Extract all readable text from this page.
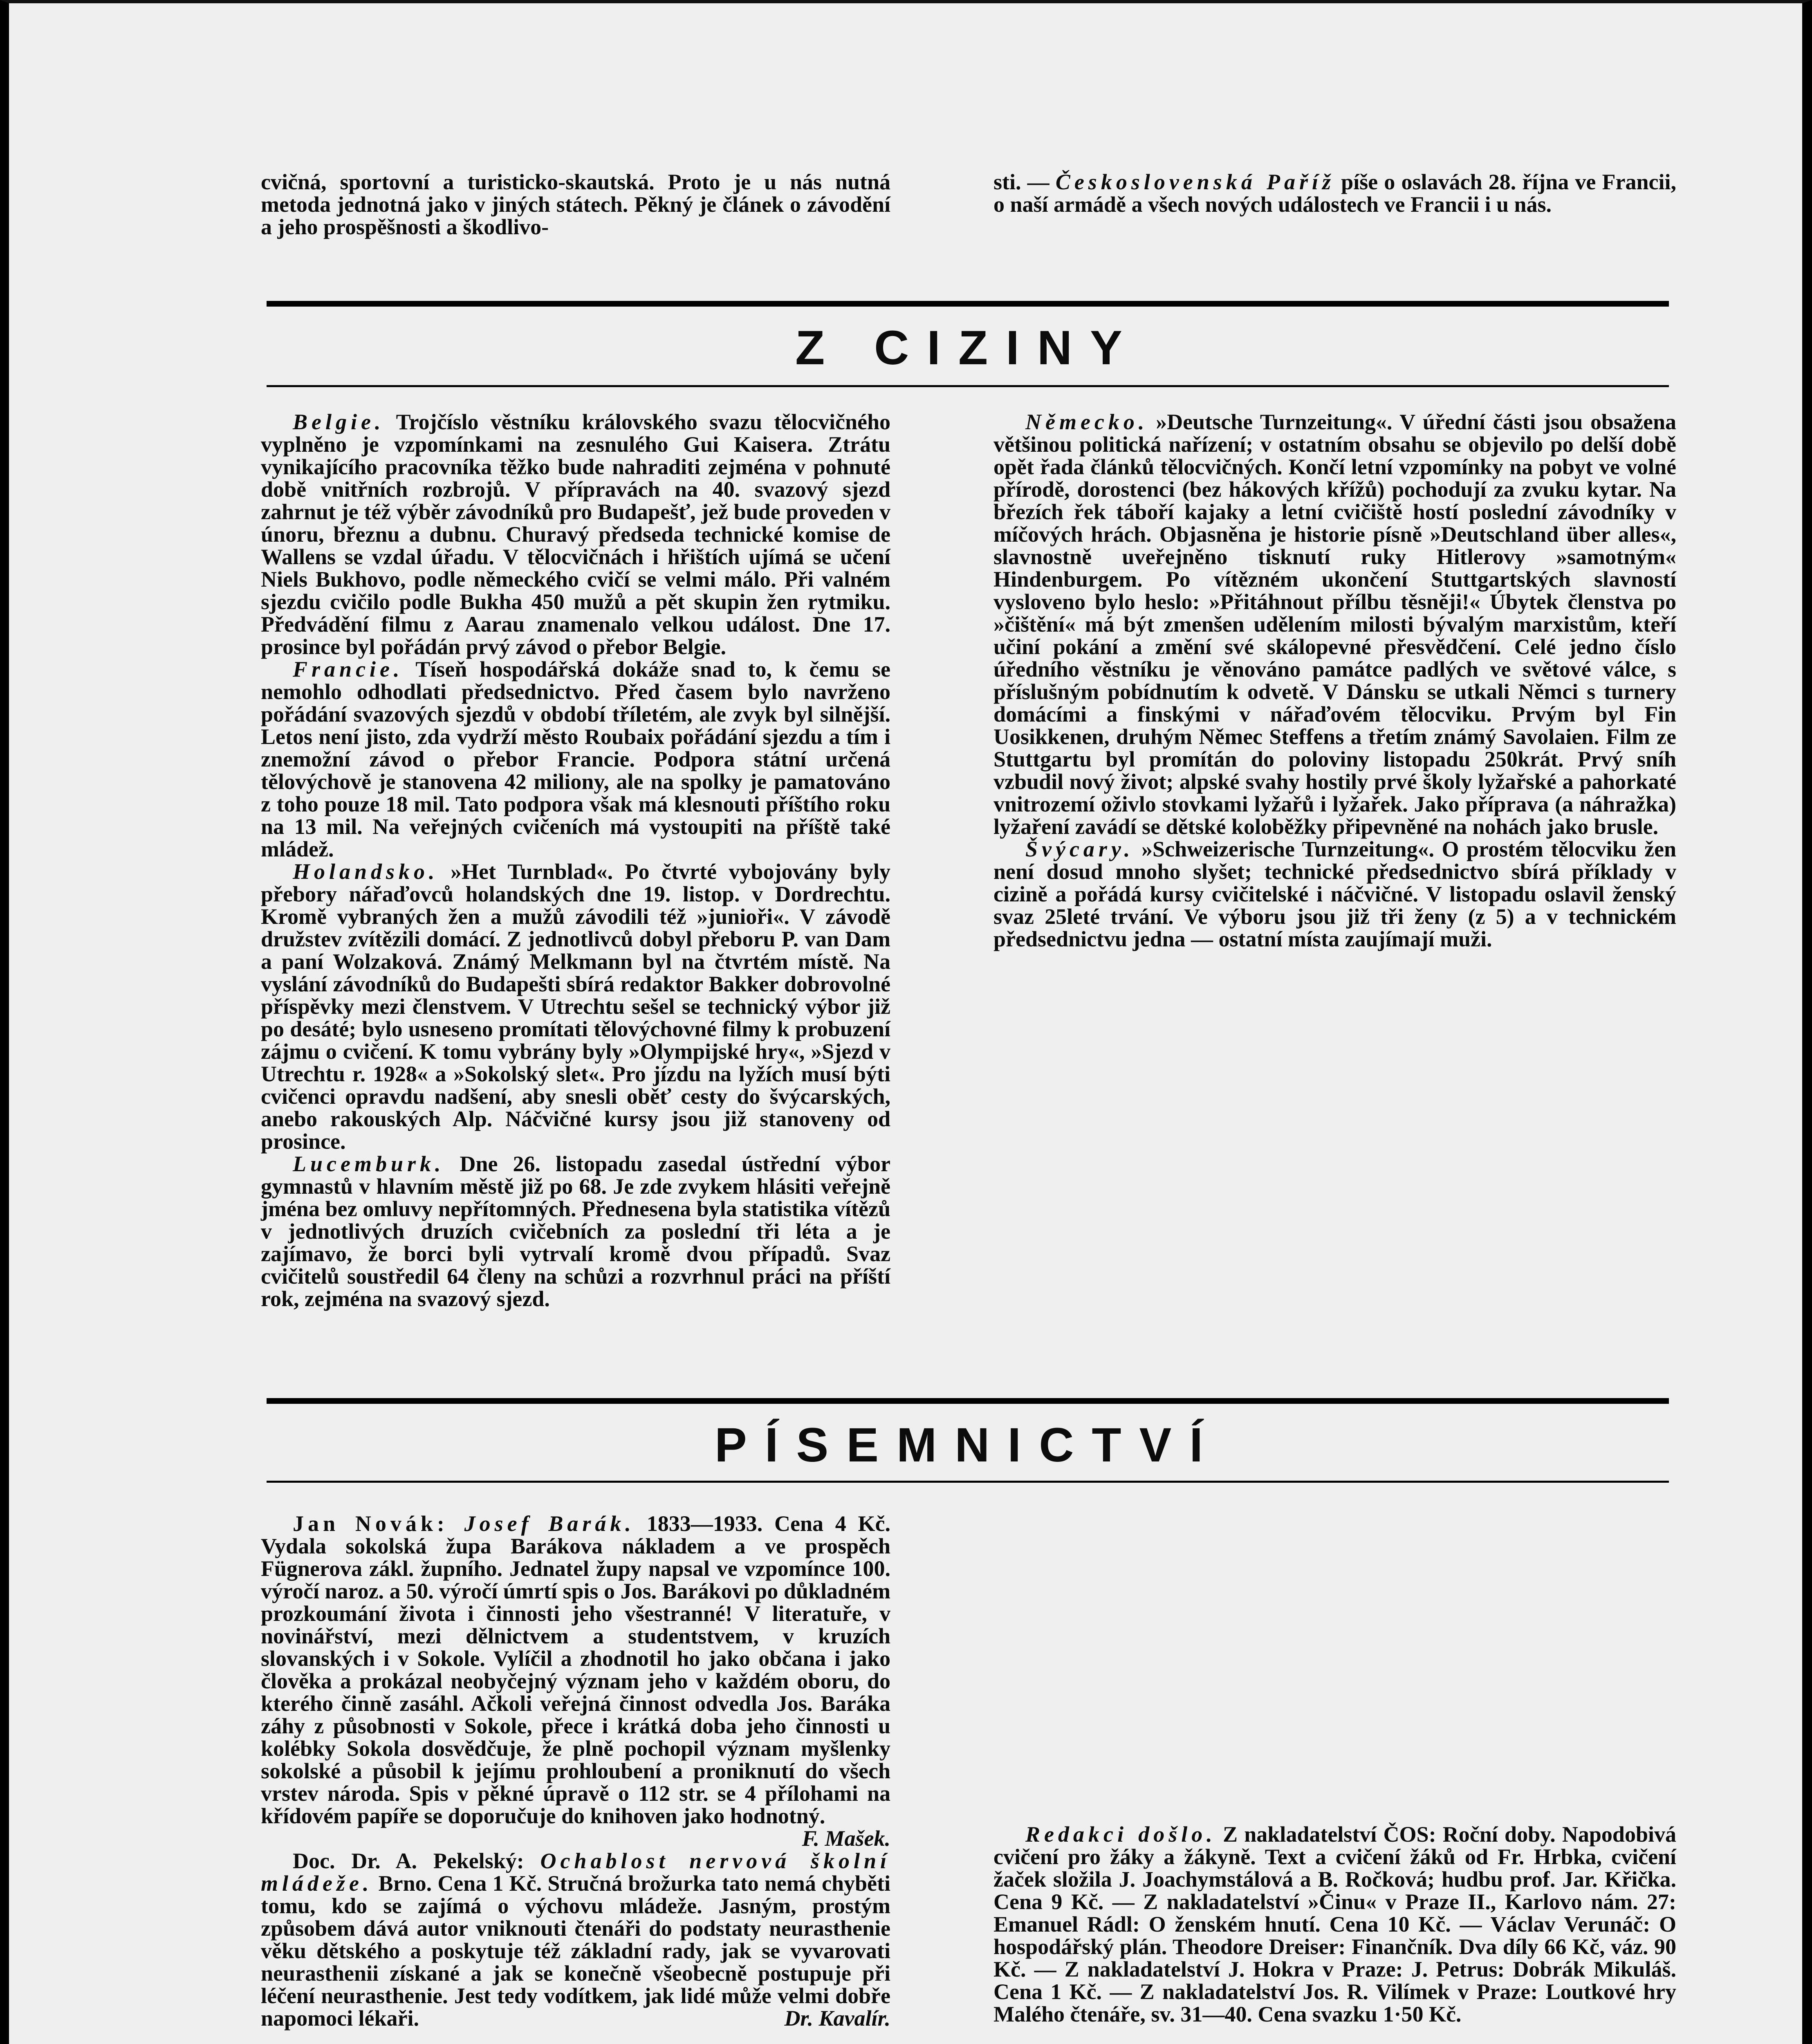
cvičná, sportovní a turisticko-skautská. Proto je u nás nutná metoda jednotná jako v jiných státech. Pěkný je článek o závodění a jeho prospěšnosti a škodlivo-

sti. — Československá Paříž píše o oslavách 28. října ve Francii, o naší armádě a všech nových událostech ve Francii i u nás.

Z CIZINY

Belgie. Trojčíslo věstníku královského svazu tělocvičného vyplněno je vzpomínkami na zesnulého Gui Kaisera. Ztrátu vynikajícího pracovníka těžko bude nahraditi zejména v pohnuté době vnitřních rozbrojů. V přípravách na 40. svazový sjezd zahrnut je též výběr závodníků pro Budapešť, jež bude proveden v únoru, březnu a dubnu. Churavý předseda technické komise de Wallens se vzdal úřadu. V tělocvičnách i hřištích ujímá se učení Niels Bukhovo, podle německého cvičí se velmi málo. Při valném sjezdu cvičilo podle Bukha 450 mužů a pět skupin žen rytmiku. Předvádění filmu z Aarau znamenalo velkou událost. Dne 17. prosince byl pořádán prvý závod o přebor Belgie.

Francie. Tíseň hospodářská dokáže snad to, k čemu se nemohlo odhodlati předsednictvo. Před časem bylo navrženo pořádání svazových sjezdů v období tříletém, ale zvyk byl silnější. Letos není jisto, zda vydrží město Roubaix pořádání sjezdu a tím i znemožní závod o přebor Francie. Podpora státní určená tělovýchově je stanovena 42 miliony, ale na spolky je pamatováno z toho pouze 18 mil. Tato podpora však má klesnouti příštího roku na 13 mil. Na veřejných cvičeních má vystoupiti na příště také mládež.

Holandsko. »Het Turnblad«. Po čtvrté vybojovány byly přebory nářaďovců holandských dne 19. listop. v Dordrechtu. Kromě vybraných žen a mužů závodili též »junioři«. V závodě družstev zvítězili domácí. Z jednotlivců dobyl přeboru P. van Dam a paní Wolzaková. Známý Melkmann byl na čtvrtém místě. Na vyslání závodníků do Budapešti sbírá redaktor Bakker dobrovolné příspěvky mezi členstvem. V Utrechtu sešel se technický výbor již po desáté; bylo usneseno promítati tělovýchovné filmy k probuzení zájmu o cvičení. K tomu vybrány byly »Olympijské hry«, »Sjezd v Utrechtu r. 1928« a »Sokolský slet«. Pro jízdu na lyžích musí býti cvičenci opravdu nadšení, aby snesli oběť cesty do švýcarských, anebo rakouských Alp. Náčvičné kursy jsou již stanoveny od prosince.

Lucemburk. Dne 26. listopadu zasedal ústřední výbor gymnastů v hlavním městě již po 68. Je zde zvykem hlásiti veřejně jména bez omluvy nepřítomných. Přednesena byla statistika vítězů v jednotlivých druzích cvičebních za poslední tři léta a je zajímavo, že borci byli vytrvalí kromě dvou případů. Svaz cvičitelů soustředil 64 členy na schůzi a rozvrhnul práci na příští rok, zejména na svazový sjezd.

Německo. »Deutsche Turnzeitung«. V úřední části jsou obsažena většinou politická nařízení; v ostatním obsahu se objevilo po delší době opět řada článků tělocvičných. Končí letní vzpomínky na pobyt ve volné přírodě, dorostenci (bez hákových křížů) pochodují za zvuku kytar. Na březích řek táboří kajaky a letní cvičiště hostí poslední závodníky v míčových hrách. Objasněna je historie písně »Deutschland über alles«, slavnostně uveřejněno tisknutí ruky Hitlerovy »samotným« Hindenburgem. Po vítězném ukončení Stuttgartských slavností vysloveno bylo heslo: »Přitáhnout přílbu těsněji!« Úbytek členstva po »čištění« má být zmenšen udělením milosti bývalým marxistům, kteří učiní pokání a změní své skálopevné přesvědčení. Celé jedno číslo úředního věstníku je věnováno památce padlých ve světové válce, s příslušným pobídnutím k odvetě. V Dánsku se utkali Němci s turnery domácími a finskými v nářaďovém tělocviku. Prvým byl Fin Uosikkenen, druhým Němec Steffens a třetím známý Savolaien. Film ze Stuttgartu byl promítán do poloviny listopadu 250krát. Prvý sníh vzbudil nový život; alpské svahy hostily prvé školy lyžařské a pahorkaté vnitrozemí oživlo stovkami lyžařů i lyžařek. Jako příprava (a náhražka) lyžaření zavádí se dětské koloběžky připevněné na nohách jako brusle.

Švýcary. »Schweizerische Turnzeitung«. O prostém tělocviku žen není dosud mnoho slyšet; technické předsednictvo sbírá příklady v cizině a pořádá kursy cvičitelské i náčvičné. V listopadu oslavil ženský svaz 25leté trvání. Ve výboru jsou již tři ženy (z 5) a v technickém předsednictvu jedna — ostatní místa zaujímají muži.

PÍSEMNICTVÍ

Jan Novák: Josef Barák. 1833—1933. Cena 4 Kč. Vydala sokolská župa Barákova nákladem a ve prospěch Fügnerova zákl. župního. Jednatel župy napsal ve vzpomínce 100. výročí naroz. a 50. výročí úmrtí spis o Jos. Barákovi po důkladném prozkoumání života i činnosti jeho všestranné! V literatuře, v novinářství, mezi dělnictvem a studentstvem, v kruzích slovanských i v Sokole. Vylíčil a zhodnotil ho jako občana i jako člověka a prokázal neobyčejný význam jeho v každém oboru, do kterého činně zasáhl. Ačkoli veřejná činnost odvedla Jos. Baráka záhy z působnosti v Sokole, přece i krátká doba jeho činnosti u kolébky Sokola dosvědčuje, že plně pochopil význam myšlenky sokolské a působil k jejímu prohloubení a proniknutí do všech vrstev národa. Spis v pěkné úpravě o 112 str. se 4 přílohami na křídovém papíře se doporučuje do knihoven jako hodnotný.
F. Mašek.

Doc. Dr. A. Pekelský: Ochablost nervová školní mládeže. Brno. Cena 1 Kč. Stručná brožurka tato nemá chyběti tomu, kdo se zajímá o výchovu mládeže. Jasným, prostým způsobem dává autor vniknouti čtenáři do podstaty neurasthenie věku dětského a poskytuje též základní rady, jak se vyvarovati neurasthenii získané a jak se konečně všeobecně postupuje při léčení neurasthenie. Jest tedy vodítkem, jak lidé může velmi dobře napomoci lékaři.	Dr. Kavalír.

Redakci došlo. Z nakladatelství ČOS: Roční doby. Napodobivá cvičení pro žáky a žákyně. Text a cvičení žáků od Fr. Hrbka, cvičení žaček složila J. Joachymstálová a B. Ročková; hudbu prof. Jar. Křička. Cena 9 Kč. — Z nakladatelství »Činu« v Praze II., Karlovo nám. 27: Emanuel Rádl: O ženském hnutí. Cena 10 Kč. — Václav Verunáč: O hospodářský plán. Theodore Dreiser: Finančník. Dva díly 66 Kč, váz. 90 Kč. — Z nakladatelství J. Hokra v Praze: J. Petrus: Dobrák Mikuláš. Cena 1 Kč. — Z nakladatelství Jos. R. Vilímek v Praze: Loutkové hry Malého čtenáře, sv. 31—40. Cena svazku 1·50 Kč.
